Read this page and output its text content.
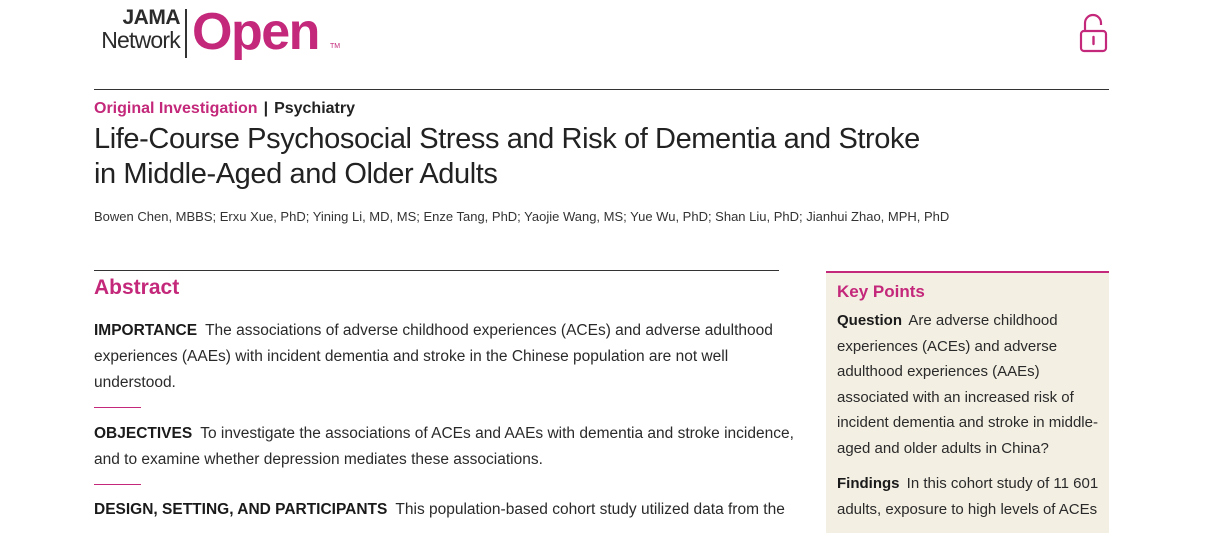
JAMA
Network Open TM
Original Investigation | Psychiatry
Life-Course Psychosocial Stress and Risk of Dementia and Stroke
in Middle-Aged and Older Adults
Bowen Chen, MBBS; Erxu Xue, PhD; Yining Li, MD, MS; Enze Tang, PhD; Yaojie Wang, MS; Yue Wu, PhD; Shan Liu, PhD; Jianhui Zhao, MPH, PhD
Abstract

IMPORTANCE The associations of adverse childhood experiences (ACEs) and adverse adulthood
experiences (AAEs) with incident dementia and stroke in the Chinese population are not well
understood.

OBJECTIVES To investigate the associations of ACEs and AAEs with dementia and stroke incidence,
and to examine whether depression mediates these associations.

DESIGN, SETTING, AND PARTICIPANTS This population-based cohort study utilized data from the

Key Points

Question Are adverse childhood
experiences (ACEs) and adverse
adulthood experiences (AAEs)
associated with an increased risk of
incident dementia and stroke in middle-
aged and older adults in China?

Findings In this cohort study of 11 601
adults, exposure to high levels of ACEs
